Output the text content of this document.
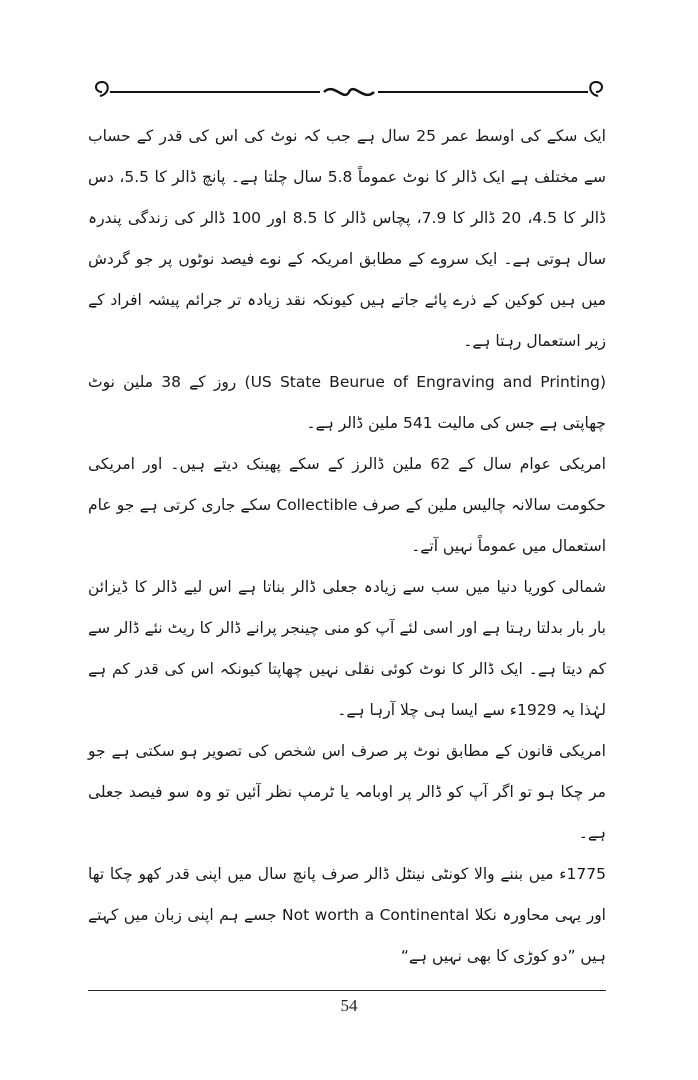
ایک سکے کی اوسط عمر 25 سال ہے جب کہ نوٹ کی اس کی قدر کے حساب سے مختلف ہے ایک ڈالر کا نوٹ عموماً 5.8 سال چلتا ہے۔ پانچ ڈالر کا 5.5، دس ڈالر کا 4.5، 20 ڈالر کا 7.9، پچاس ڈالر کا 8.5 اور 100 ڈالر کی زندگی پندرہ سال ہوتی ہے۔ ایک سروے کے مطابق امریکہ کے نوے فیصد نوٹوں پر جو گردش میں ہیں کوکین کے ذرے پائے جاتے ہیں کیونکہ نقد زیادہ تر جرائم پیشہ افراد کے زیر استعمال رہتا ہے۔

(US State Beurue of Engraving and Printing) روز کے 38 ملین نوٹ چھاپتی ہے جس کی مالیت 541 ملین ڈالر ہے۔

امریکی عوام سال کے 62 ملین ڈالرز کے سکے پھینک دیتے ہیں۔ اور امریکی حکومت سالانہ چالیس ملین کے صرف Collectible سکے جاری کرتی ہے جو عام استعمال میں عموماً نہیں آتے۔

شمالی کوریا دنیا میں سب سے زیادہ جعلی ڈالر بناتا ہے اس لیے ڈالر کا ڈیزائن بار بار بدلتا رہتا ہے اور اسی لئے آپ کو منی چینجر پرانے ڈالر کا ریٹ نئے ڈالر سے کم دیتا ہے۔ ایک ڈالر کا نوٹ کوئی نقلی نہیں چھاپتا کیونکہ اس کی قدر کم ہے لہٰذا یہ 1929ء سے ایسا ہی چلا آرہا ہے۔

امریکی قانون کے مطابق نوٹ پر صرف اس شخص کی تصویر ہو سکتی ہے جو مر چکا ہو تو اگر آپ کو ڈالر پر اوبامہ یا ٹرمپ نظر آئیں تو وہ سو فیصد جعلی ہے۔

1775ء میں بننے والا کونٹی نینٹل ڈالر صرف پانچ سال میں اپنی قدر کھو چکا تھا اور یہی محاورہ نکلا Not worth a Continental جسے ہم اپنی زبان میں کہتے ہیں ”دو کوڑی کا بھی نہیں ہے“

54
